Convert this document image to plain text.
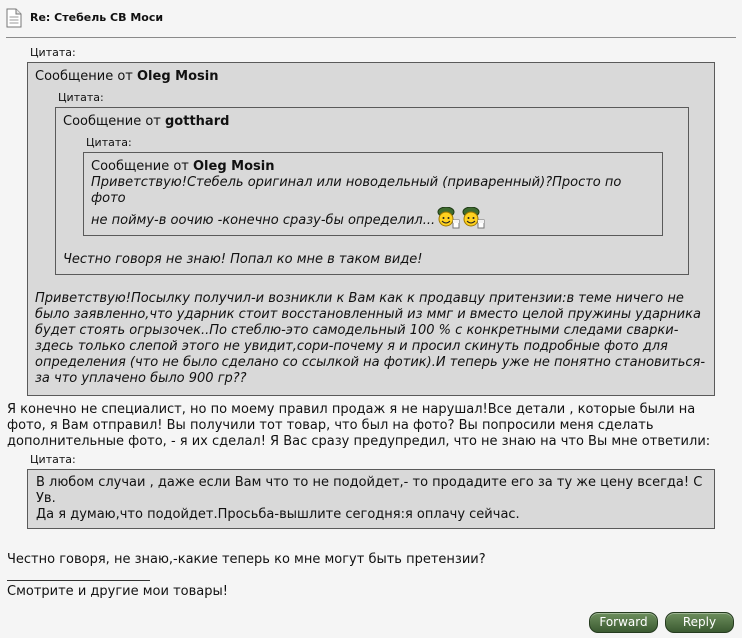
Re: Стебель СВ Моси
Цитата:
Сообщение от Oleg Mosin
Цитата:
Сообщение от gotthard
Цитата:
Сообщение от Oleg Mosin
Приветствую!Стебель оригинал или новодельный (приваренный)?Просто по фото
не пойму-в оочию -конечно сразу-бы определил...
Честно говоря не знаю! Попал ко мне в таком виде!
Приветствую!Посылку получил-и возникли к Вам как к продавцу притензии:в теме ничего не
было заявленно,что ударник стоит восстановленный из ммг и вместо целой пружины ударника
будет стоять огрызочек..По стеблю-это самодельный 100 % с конкретными следами сварки-
здесь только слепой этого не увидит,сори-почему я и просил скинуть подробные фото для
определения (что не было сделано со ссылкой на фотик).И теперь уже не понятно становиться-
за что уплачено было 900 гр??
Я конечно не специалист, но по моему правил продаж я не нарушал!Все детали , которые были на
фото, я Вам отправил! Вы получили тот товар, что был на фото? Вы попросили меня сделать
дополнительные фото, - я их сделал! Я Вас сразу предупредил, что не знаю на что Вы мне ответили:
Цитата:
В любом случаи , даже если Вам что то не подойдет,- то продадите его за ту же цену всегда! С
Ув.
Да я думаю,что подойдет.Просьба-вышлите сегодня:я оплачу сейчас.
Честно говоря, не знаю,-какие теперь ко мне могут быть претензии?
Смотрите и другие мои товары!
Forward	Reply
